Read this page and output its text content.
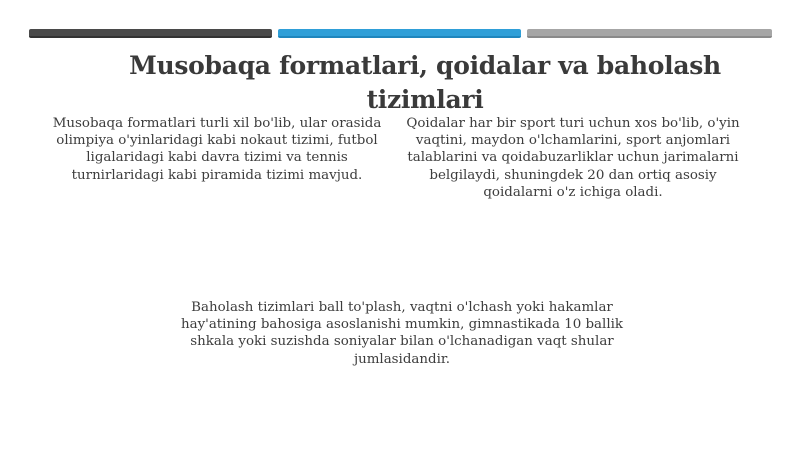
Musobaqa formatlari, qoidalar va baholash tizimlari

Musobaqa formatlari turli xil bo'lib, ular orasida olimpiya o'yinlaridagi kabi nokaut tizimi, futbol ligalaridagi kabi davra tizimi va tennis turnirlaridagi kabi piramida tizimi mavjud.

Qoidalar har bir sport turi uchun xos bo'lib, o'yin vaqtini, maydon o'lchamlarini, sport anjomlari talablarini va qoidabuzarliklar uchun jarimalarni belgilaydi, shuningdek 20 dan ortiq asosiy qoidalarni o'z ichiga oladi.

Baholash tizimlari ball to'plash, vaqtni o'lchash yoki hakamlar hay'atining bahosiga asoslanishi mumkin, gimnastikada 10 ballik shkala yoki suzishda soniyalar bilan o'lchanadigan vaqt shular jumlasidandir.
